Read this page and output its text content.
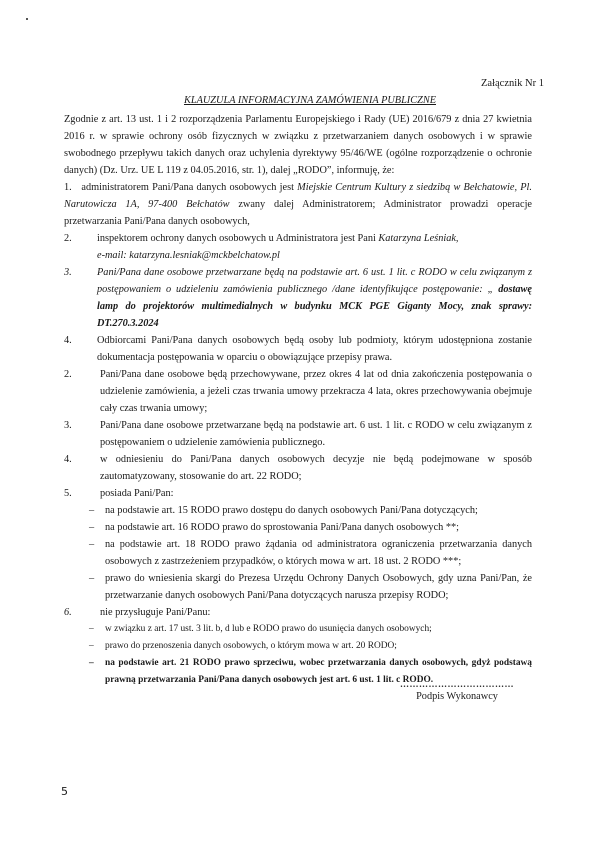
Załącznik Nr 1
KLAUZULA INFORMACYJNA ZAMÓWIENIA PUBLICZNE
Zgodnie z art. 13 ust. 1 i 2 rozporządzenia Parlamentu Europejskiego i Rady (UE) 2016/679 z dnia 27 kwietnia 2016 r. w sprawie ochrony osób fizycznych w związku z przetwarzaniem danych osobowych i w sprawie swobodnego przepływu takich danych oraz uchylenia dyrektywy 95/46/WE (ogólne rozporządzenie o ochronie danych) (Dz. Urz. UE L 119 z 04.05.2016, str. 1), dalej „RODO”, informuję, że:
1. administratorem Pani/Pana danych osobowych jest Miejskie Centrum Kultury z siedzibą w Bełchatowie, Pl. Narutowicza 1A, 97-400 Bełchatów zwany dalej Administratorem; Administrator prowadzi operacje przetwarzania Pani/Pana danych osobowych,
2. inspektorem ochrony danych osobowych u Administratora jest Pani Katarzyna Leśniak,
e-mail: katarzyna.lesniak@mckbelchatow.pl
3. Pani/Pana dane osobowe przetwarzane będą na podstawie art. 6 ust. 1 lit. c RODO w celu związanym z postępowaniem o udzieleniu zamówienia publicznego /dane identyfikujące postępowanie: „ dostawę lamp do projektorów multimedialnych w budynku MCK PGE Giganty Mocy, znak sprawy: DT.270.3.2024
4. Odbiorcami Pani/Pana danych osobowych będą osoby lub podmioty, którym udostępniona zostanie dokumentacja postępowania w oparciu o obowiązujące przepisy prawa.
2.	Pani/Pana dane osobowe będą przechowywane, przez okres 4 lat od dnia zakończenia postępowania o udzielenie zamówienia, a jeżeli czas trwania umowy przekracza 4 lata, okres przechowywania obejmuje cały czas trwania umowy;
3.	Pani/Pana dane osobowe przetwarzane będą na podstawie art. 6 ust. 1 lit. c RODO w celu związanym z postępowaniem o udzielenie zamówienia publicznego.
4.	w odniesieniu do Pani/Pana danych osobowych decyzje nie będą podejmowane w sposób zautomatyzowany, stosowanie do art. 22 RODO;
5.	posiada Pani/Pan:
– na podstawie art. 15 RODO prawo dostępu do danych osobowych Pani/Pana dotyczących;
– na podstawie art. 16 RODO prawo do sprostowania Pani/Pana danych osobowych **;
– na podstawie art. 18 RODO prawo żądania od administratora ograniczenia przetwarzania danych osobowych z zastrzeżeniem przypadków, o których mowa w art. 18 ust. 2 RODO ***;
– prawo do wniesienia skargi do Prezesa Urzędu Ochrony Danych Osobowych, gdy uzna Pani/Pan, że przetwarzanie danych osobowych Pani/Pana dotyczących narusza przepisy RODO;
6.	nie przysługuje Pani/Panu:
– w związku z art. 17 ust. 3 lit. b, d lub e RODO prawo do usunięcia danych osobowych;
– prawo do przenoszenia danych osobowych, o którym mowa w art. 20 RODO;
– na podstawie art. 21 RODO prawo sprzeciwu, wobec przetwarzania danych osobowych, gdyż podstawą prawną przetwarzania Pani/Pana danych osobowych jest art. 6 ust. 1 lit. c RODO.
………………………………
Podpis Wykonawcy
5
